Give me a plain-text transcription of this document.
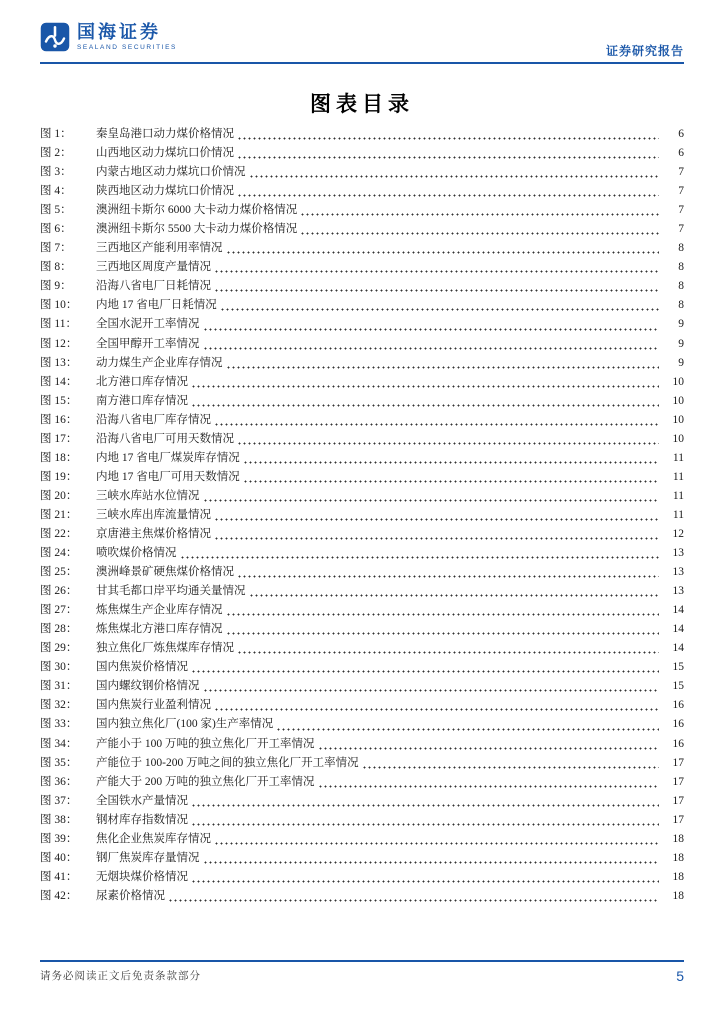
国海证券
SEALAND SECURITIES	证券研究报告
图表目录
图 1：	秦皇岛港口动力煤价格情况	6
图 2：	山西地区动力煤坑口价情况	6
图 3：	内蒙古地区动力煤坑口价情况	7
图 4：	陕西地区动力煤坑口价情况	7
图 5：	澳洲纽卡斯尔 6000 大卡动力煤价格情况	7
图 6：	澳洲纽卡斯尔 5500 大卡动力煤价格情况	7
图 7：	三西地区产能利用率情况	8
图 8：	三西地区周度产量情况	8
图 9：	沿海八省电厂日耗情况	8
图 10：	内地 17 省电厂日耗情况	8
图 11：	全国水泥开工率情况	9
图 12：	全国甲醇开工率情况	9
图 13：	动力煤生产企业库存情况	9
图 14：	北方港口库存情况	10
图 15：	南方港口库存情况	10
图 16：	沿海八省电厂库存情况	10
图 17：	沿海八省电厂可用天数情况	10
图 18：	内地 17 省电厂煤炭库存情况	11
图 19：	内地 17 省电厂可用天数情况	11
图 20：	三峡水库站水位情况	11
图 21：	三峡水库出库流量情况	11
图 22：	京唐港主焦煤价格情况	12
图 24：	喷吹煤价格情况	13
图 25：	澳洲峰景矿硬焦煤价格情况	13
图 26：	甘其毛都口岸平均通关量情况	13
图 27：	炼焦煤生产企业库存情况	14
图 28：	炼焦煤北方港口库存情况	14
图 29：	独立焦化厂炼焦煤库存情况	14
图 30：	国内焦炭价格情况	15
图 31：	国内螺纹钢价格情况	15
图 32：	国内焦炭行业盈利情况	16
图 33：	国内独立焦化厂(100 家)生产率情况	16
图 34：	产能小于 100 万吨的独立焦化厂开工率情况	16
图 35：	产能位于 100-200 万吨之间的独立焦化厂开工率情况	17
图 36：	产能大于 200 万吨的独立焦化厂开工率情况	17
图 37：	全国铁水产量情况	17
图 38：	钢材库存指数情况	17
图 39：	焦化企业焦炭库存情况	18
图 40：	钢厂焦炭库存量情况	18
图 41：	无烟块煤价格情况	18
图 42：	尿素价格情况	18
请务必阅读正文后免责条款部分	5
